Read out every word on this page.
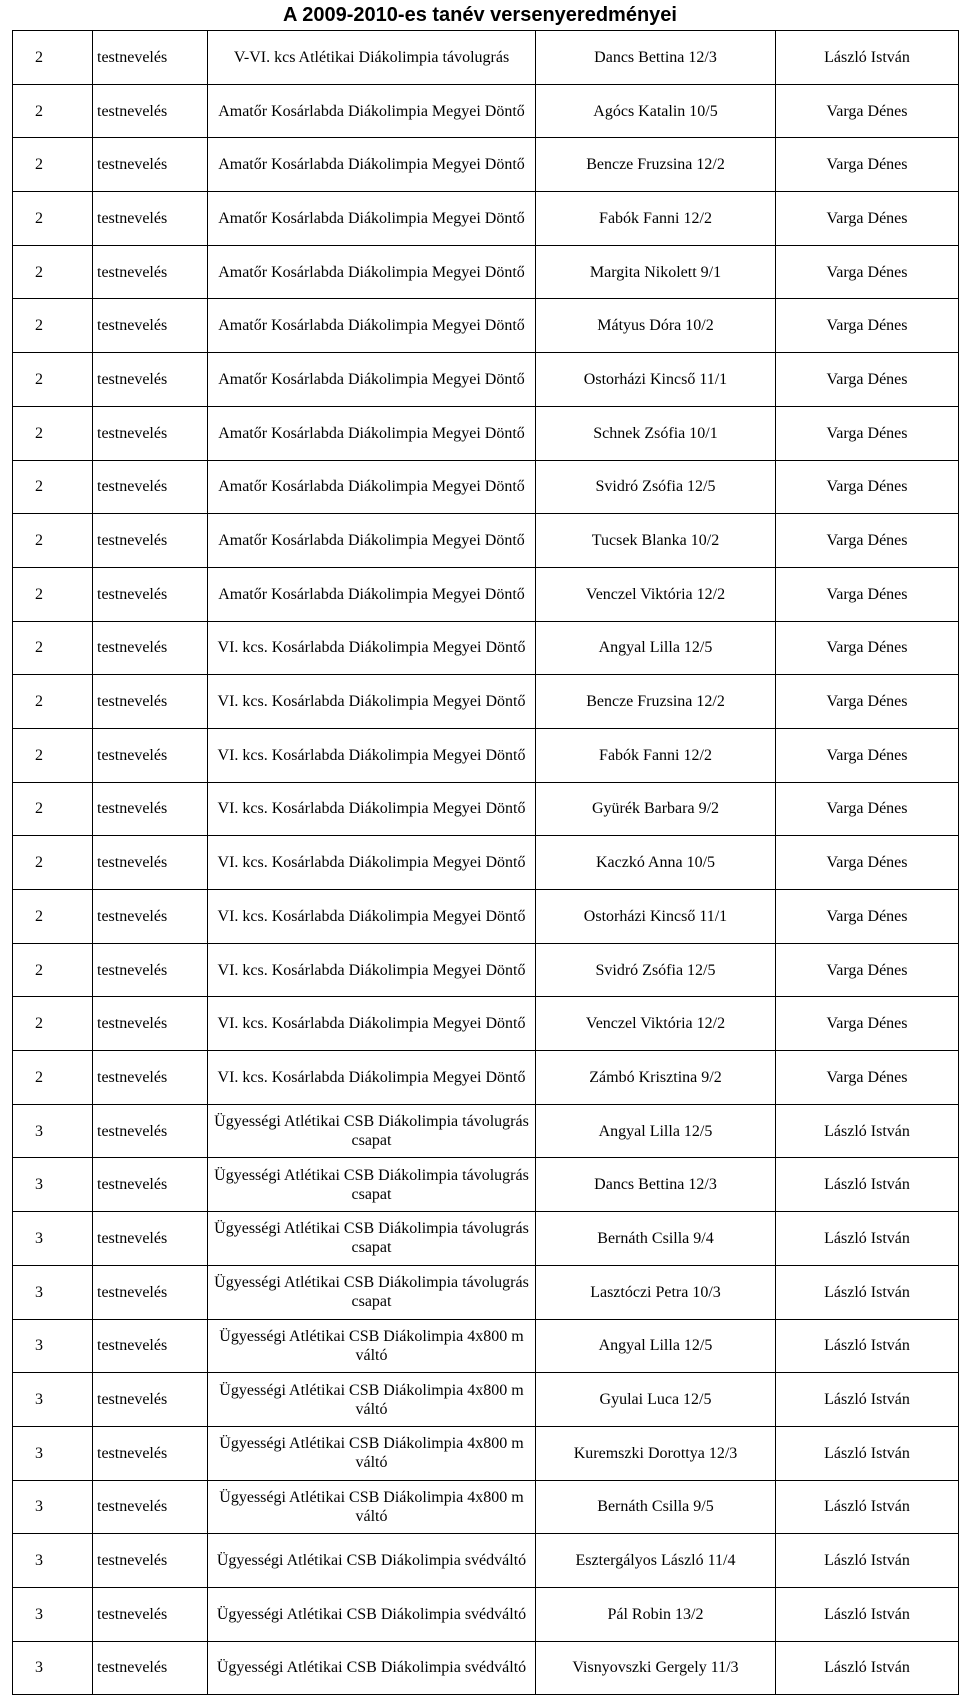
A 2009-2010-es tanév versenyeredményei
2	testnevelés	V-VI. kcs Atlétikai Diákolimpia távolugrás	Dancs Bettina 12/3	László István
2	testnevelés	Amatőr Kosárlabda Diákolimpia Megyei Döntő	Agócs Katalin 10/5	Varga Dénes
2	testnevelés	Amatőr Kosárlabda Diákolimpia Megyei Döntő	Bencze Fruzsina 12/2	Varga Dénes
2	testnevelés	Amatőr Kosárlabda Diákolimpia Megyei Döntő	Fabók Fanni 12/2	Varga Dénes
2	testnevelés	Amatőr Kosárlabda Diákolimpia Megyei Döntő	Margita Nikolett 9/1	Varga Dénes
2	testnevelés	Amatőr Kosárlabda Diákolimpia Megyei Döntő	Mátyus Dóra 10/2	Varga Dénes
2	testnevelés	Amatőr Kosárlabda Diákolimpia Megyei Döntő	Ostorházi Kincső 11/1	Varga Dénes
2	testnevelés	Amatőr Kosárlabda Diákolimpia Megyei Döntő	Schnek Zsófia 10/1	Varga Dénes
2	testnevelés	Amatőr Kosárlabda Diákolimpia Megyei Döntő	Svidró Zsófia 12/5	Varga Dénes
2	testnevelés	Amatőr Kosárlabda Diákolimpia Megyei Döntő	Tucsek Blanka 10/2	Varga Dénes
2	testnevelés	Amatőr Kosárlabda Diákolimpia Megyei Döntő	Venczel Viktória 12/2	Varga Dénes
2	testnevelés	VI. kcs. Kosárlabda Diákolimpia Megyei Döntő	Angyal Lilla 12/5	Varga Dénes
2	testnevelés	VI. kcs. Kosárlabda Diákolimpia Megyei Döntő	Bencze Fruzsina 12/2	Varga Dénes
2	testnevelés	VI. kcs. Kosárlabda Diákolimpia Megyei Döntő	Fabók Fanni 12/2	Varga Dénes
2	testnevelés	VI. kcs. Kosárlabda Diákolimpia Megyei Döntő	Gyürék Barbara 9/2	Varga Dénes
2	testnevelés	VI. kcs. Kosárlabda Diákolimpia Megyei Döntő	Kaczkó Anna 10/5	Varga Dénes
2	testnevelés	VI. kcs. Kosárlabda Diákolimpia Megyei Döntő	Ostorházi Kincső 11/1	Varga Dénes
2	testnevelés	VI. kcs. Kosárlabda Diákolimpia Megyei Döntő	Svidró Zsófia 12/5	Varga Dénes
2	testnevelés	VI. kcs. Kosárlabda Diákolimpia Megyei Döntő	Venczel Viktória 12/2	Varga Dénes
2	testnevelés	VI. kcs. Kosárlabda Diákolimpia Megyei Döntő	Zámbó Krisztina 9/2	Varga Dénes
3	testnevelés	Ügyességi Atlétikai CSB Diákolimpia távolugrás csapat	Angyal Lilla 12/5	László István
3	testnevelés	Ügyességi Atlétikai CSB Diákolimpia távolugrás csapat	Dancs Bettina 12/3	László István
3	testnevelés	Ügyességi Atlétikai CSB Diákolimpia távolugrás csapat	Bernáth Csilla 9/4	László István
3	testnevelés	Ügyességi Atlétikai CSB Diákolimpia távolugrás csapat	Lasztóczi Petra 10/3	László István
3	testnevelés	Ügyességi Atlétikai CSB Diákolimpia 4x800 m váltó	Angyal Lilla 12/5	László István
3	testnevelés	Ügyességi Atlétikai CSB Diákolimpia 4x800 m váltó	Gyulai Luca 12/5	László István
3	testnevelés	Ügyességi Atlétikai CSB Diákolimpia 4x800 m váltó	Kuremszki Dorottya 12/3	László István
3	testnevelés	Ügyességi Atlétikai CSB Diákolimpia 4x800 m váltó	Bernáth Csilla 9/5	László István
3	testnevelés	Ügyességi Atlétikai CSB Diákolimpia svédváltó	Esztergályos László 11/4	László István
3	testnevelés	Ügyességi Atlétikai CSB Diákolimpia svédváltó	Pál Robin 13/2	László István
3	testnevelés	Ügyességi Atlétikai CSB Diákolimpia svédváltó	Visnyovszki Gergely 11/3	László István
